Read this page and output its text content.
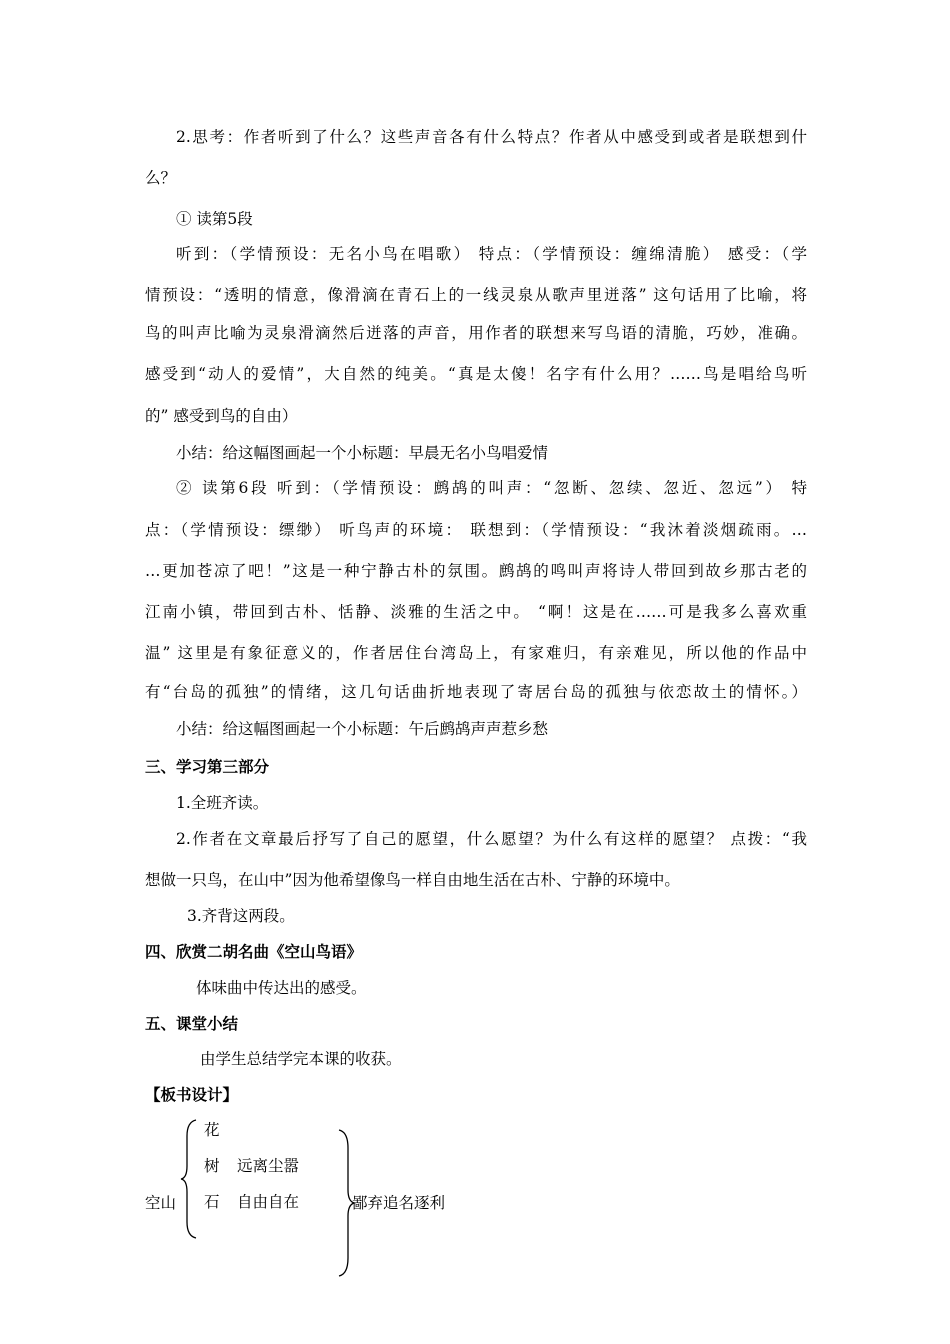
2.思考：作者听到了什么？这些声音各有什么特点？作者从中感受到或者是联想到什
么？
① 读第5段
听到：（学情预设：无名小鸟在唱歌） 特点：（学情预设：缠绵清脆） 感受：（学
情预设：“透明的情意，像滑滴在青石上的一线灵泉从歌声里迸落” 这句话用了比喻，将
鸟的叫声比喻为灵泉滑滴然后迸落的声音，用作者的联想来写鸟语的清脆，巧妙，准确。
感受到“动人的爱情”，大自然的纯美。“真是太傻！名字有什么用？……鸟是唱给鸟听
的” 感受到鸟的自由）
小结：给这幅图画起一个小标题：早晨无名小鸟唱爱情
② 读第6段 听到：（学情预设：鹧鸪的叫声：“忽断、忽续、忽近、忽远”） 特
点：（学情预设：缥缈） 听鸟声的环境： 联想到：（学情预设：“我沐着淡烟疏雨。…
…更加苍凉了吧！”这是一种宁静古朴的氛围。鹧鸪的鸣叫声将诗人带回到故乡那古老的
江南小镇，带回到古朴、恬静、淡雅的生活之中。 “啊！这是在……可是我多么喜欢重
温” 这里是有象征意义的，作者居住台湾岛上，有家难归，有亲难见，所以他的作品中
有“台岛的孤独”的情绪，这几句话曲折地表现了寄居台岛的孤独与依恋故土的情怀。）
小结：给这幅图画起一个小标题：午后鹧鸪声声惹乡愁
三、学习第三部分
1.全班齐读。
2.作者在文章最后抒写了自己的愿望，什么愿望？为什么有这样的愿望？ 点拨：“我
想做一只鸟，在山中”因为他希望像鸟一样自由地生活在古朴、宁静的环境中。
3.齐背这两段。
四、欣赏二胡名曲《空山鸟语》
体味曲中传达出的感受。
五、课堂小结
由学生总结学完本课的收获。
【板书设计】
空山
花
树
石
远离尘嚣
自由自在	鄙弃追名逐利
